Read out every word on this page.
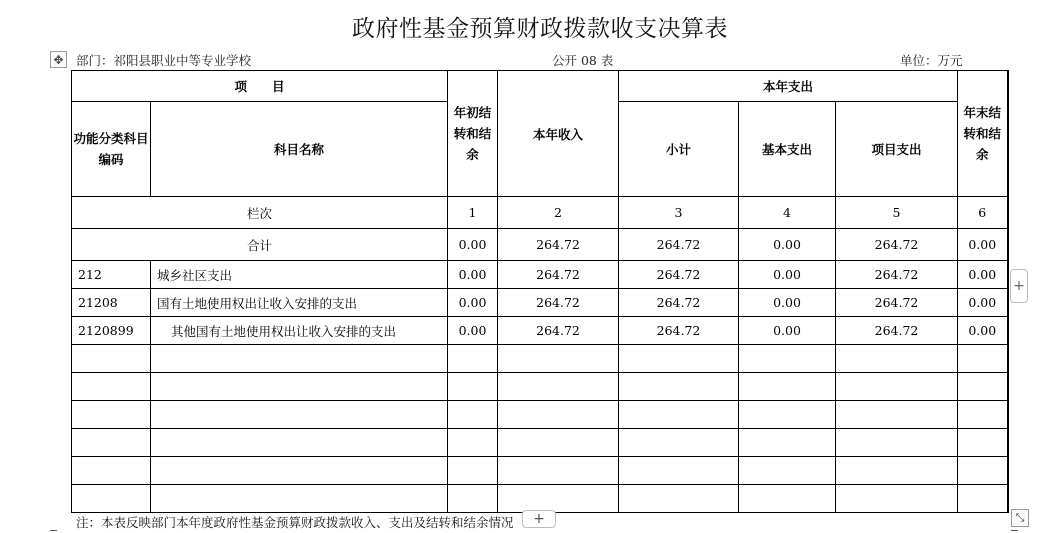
政府性基金预算财政拨款收支决算表
✥ 部门：祁阳县职业中等专业学校	公开 08 表	单位：万元
项　　目		年初结转和结余	本年收入	本年支出			年末结转和结余
功能分类科目编码	科目名称			小计	基本支出	项目支出	
栏次		1	2	3	4	5	6
合计		0.00	264.72	264.72	0.00	264.72	0.00
212	城乡社区支出	0.00	264.72	264.72	0.00	264.72	0.00
21208	国有土地使用权出让收入安排的支出	0.00	264.72	264.72	0.00	264.72	0.00
2120899	其他国有土地使用权出让收入安排的支出	0.00	264.72	264.72	0.00	264.72	0.00

+
注：本表反映部门本年度政府性基金预算财政拨款收入、支出及结转和结余情况	+	⤡
